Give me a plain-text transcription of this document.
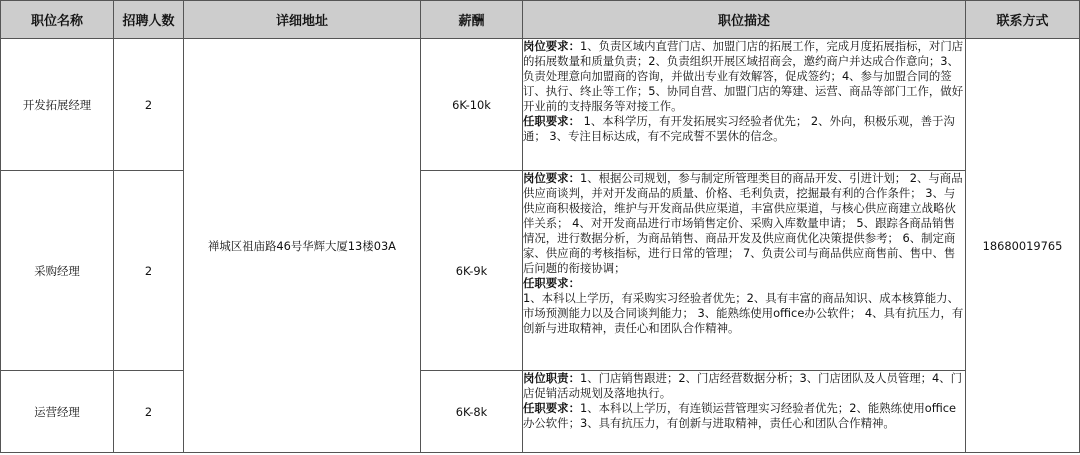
职位名称	招聘人数	详细地址	薪酬	职位描述	联系方式
开发拓展经理	2	禅城区祖庙路46号华辉大厦13楼03A	6K-10k	岗位要求：1、负责区域内直营门店、加盟门店的拓展工作，完成月度拓展指标，对门店的拓展数量和质量负责；2、负责组织开展区域招商会，邀约商户并达成合作意向；3、负责处理意向加盟商的咨询，并做出专业有效解答，促成签约；4、参与加盟合同的签订、执行、终止等工作；5、协同自营、加盟门店的筹建、运营、商品等部门工作，做好开业前的支持服务等对接工作。
任职要求： 1、本科学历，有开发拓展实习经验者优先； 2、外向，积极乐观，善于沟通； 3、专注目标达成，有不完成誓不罢休的信念。	18680019765
采购经理	2		6K-9k	岗位要求：1、根据公司规划，参与制定所管理类目的商品开发、引进计划； 2、与商品供应商谈判，并对开发商品的质量、价格、毛利负责，挖掘最有利的合作条件； 3、与供应商积极接洽，维护与开发商品供应渠道，丰富供应渠道，与核心供应商建立战略伙伴关系； 4、对开发商品进行市场销售定价、采购入库数量申请； 5、跟踪各商品销售情况，进行数据分析，为商品销售、商品开发及供应商优化决策提供参考； 6、制定商家、供应商的考核指标，进行日常的管理； 7、负责公司与商品供应商售前、售中、售后问题的衔接协调；
任职要求：
1、本科以上学历，有采购实习经验者优先；2、具有丰富的商品知识、成本核算能力、市场预测能力以及合同谈判能力； 3、能熟练使用office办公软件； 4、具有抗压力，有创新与进取精神，责任心和团队合作精神。	

运营经理	2		6K-8k	岗位职责：1、门店销售跟进；2、门店经营数据分析；3、门店团队及人员管理；4、门店促销活动规划及落地执行。
任职要求：1、本科以上学历，有连锁运营管理实习经验者优先；2、能熟练使用office办公软件；3、具有抗压力，有创新与进取精神，责任心和团队合作精神。	
